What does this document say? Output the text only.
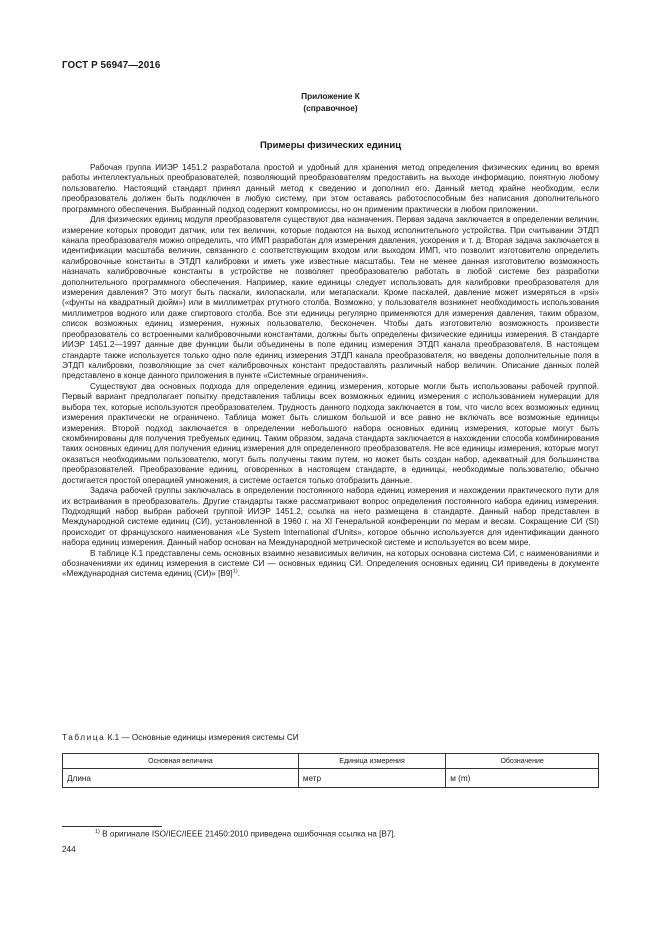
ГОСТ Р 56947—2016
Приложение К
(справочное)
Примеры физических единиц

Рабочая группа ИИЭР 1451.2 разработала простой и удобный для хранения метод определения физических единиц во время работы интеллектуальных преобразователей, позволяющий преобразователям предоставить на выходе информацию, понятную любому пользователю. Настоящий стандарт принял данный метод к сведению и дополнил его. Данный метод крайне необходим, если преобразователь должен быть подключен в любую систему, при этом оставаясь работоспособным без написания дополнительного программного обеспечения. Выбранный подход содержит компромиссы, но он применим практически в любом приложении.

Для физических единиц модуля преобразователя существуют два назначения. Первая задача заключается в определении величин, измерение которых проводит датчик, или тех величин, которые подаются на выход исполнительного устройства. При считывании ЭТДП канала преобразователя можно определить, что ИМП разработан для измерения давления, ускорения и т. д. Вторая задача заключается в идентификации масштаба величин, связанного с соответствующим входом или выходом ИМП, что позволит изготовителю определить калибровочные константы в ЭТДП калибровки и иметь уже известные масштабы. Тем не менее данная изготовителю возможность назначать калибровочные константы в устройстве не позволяет преобразователю работать в любой системе без разработки дополнительного программного обеспечения. Например, какие единицы следует использовать для калибровки преобразователя для измерения давления? Это могут быть паскали, килопаскали, или мегапаскали. Кроме паскалей, давление может измеряться в «psi» («фунты на квадратный дюйм») или в миллиметрах ртутного столба. Возможно, у пользователя возникнет необходимость использования миллиметров водного или даже спиртового столба. Все эти единицы регулярно применяются для измерения давления, таким образом, список возможных единиц измерения, нужных пользователю, бесконечен. Чтобы дать изготовителю возможность произвести преобразователь со встроенными калибровочными константами, должны быть определены физические единицы измерения. В стандарте ИИЭР 1451.2—1997 данные две функции были объединены в поле единиц измерения ЭТДП канала преобразователя. В настоящем стандарте также используется только одно поле единиц измерения ЭТДП канала преобразователя, но введены дополнительные поля в ЭТДП калибровки, позволяющие за счет калибровочных констант предоставлять различный набор величин. Описание данных полей представлено в конце данного приложения в пункте «Системные ограничения».

Существуют два основных подхода для определения единиц измерения, которые могли быть использованы рабочей группой. Первый вариант предполагает попытку представления таблицы всех возможных единиц измерения с использованием нумерации для выбора тех, которые используются преобразователем. Трудность данного подхода заключается в том, что число всех возможных единиц измерения практически не ограничено. Таблица может быть слишком большой и все равно не включать все возможные единицы измерения. Второй подход заключается в определении небольшого набора основных единиц измерения, которые могут быть скомбинированы для получения требуемых единиц. Таким образом, задача стандарта заключается в нахождении способа комбинирования таких основных единиц для получения единиц измерения для определенного преобразователя. Не все единицы измерения, которые могут оказаться необходимыми пользователю, могут быть получены таким путем, но может быть создан набор, адекватный для большинства преобразователей. Преобразование единиц, оговоренных в настоящем стандарте, в единицы, необходимые пользователю, обычно достигается простой операцией умножения, а системе остается только отобразить данные.

Задача рабочей группы заключалась в определении постоянного набора единиц измерения и нахождении практического пути для их встраивания в преобразователь. Другие стандарты также рассматривают вопрос определения постоянного набора единиц измерения. Подходящий набор выбран рабочей группой ИИЭР 1451.2, ссылка на него размещена в стандарте. Данный набор представлен в Международной системе единиц (СИ), установленной в 1960 г. на XI Генеральной конференции по мерам и весам. Сокращение СИ (SI) происходит от французского наименования «Le System International d'Units», которое обычно используется для идентификации данного набора единиц измерения. Данный набор основан на Международной метрической системе и используется во всем мире.

В таблице К.1 представлены семь основных взаимно независимых величин, на которых основана система СИ, с наименованиями и обозначениями их единиц измерения в системе СИ — основных единиц СИ. Определения основных единиц СИ приведены в документе «Международная система единиц (СИ)» $[B9]^{1)}$.

Таблица К.1 — Основные единицы измерения системы СИ
Основная величина	Единица измерения	Обозначение
Длина	метр	м (m)
$^{1)}$ В оригинале ISO/IEC/IEEE 21450:2010 приведена ошибочная ссылка на [B7].
244
